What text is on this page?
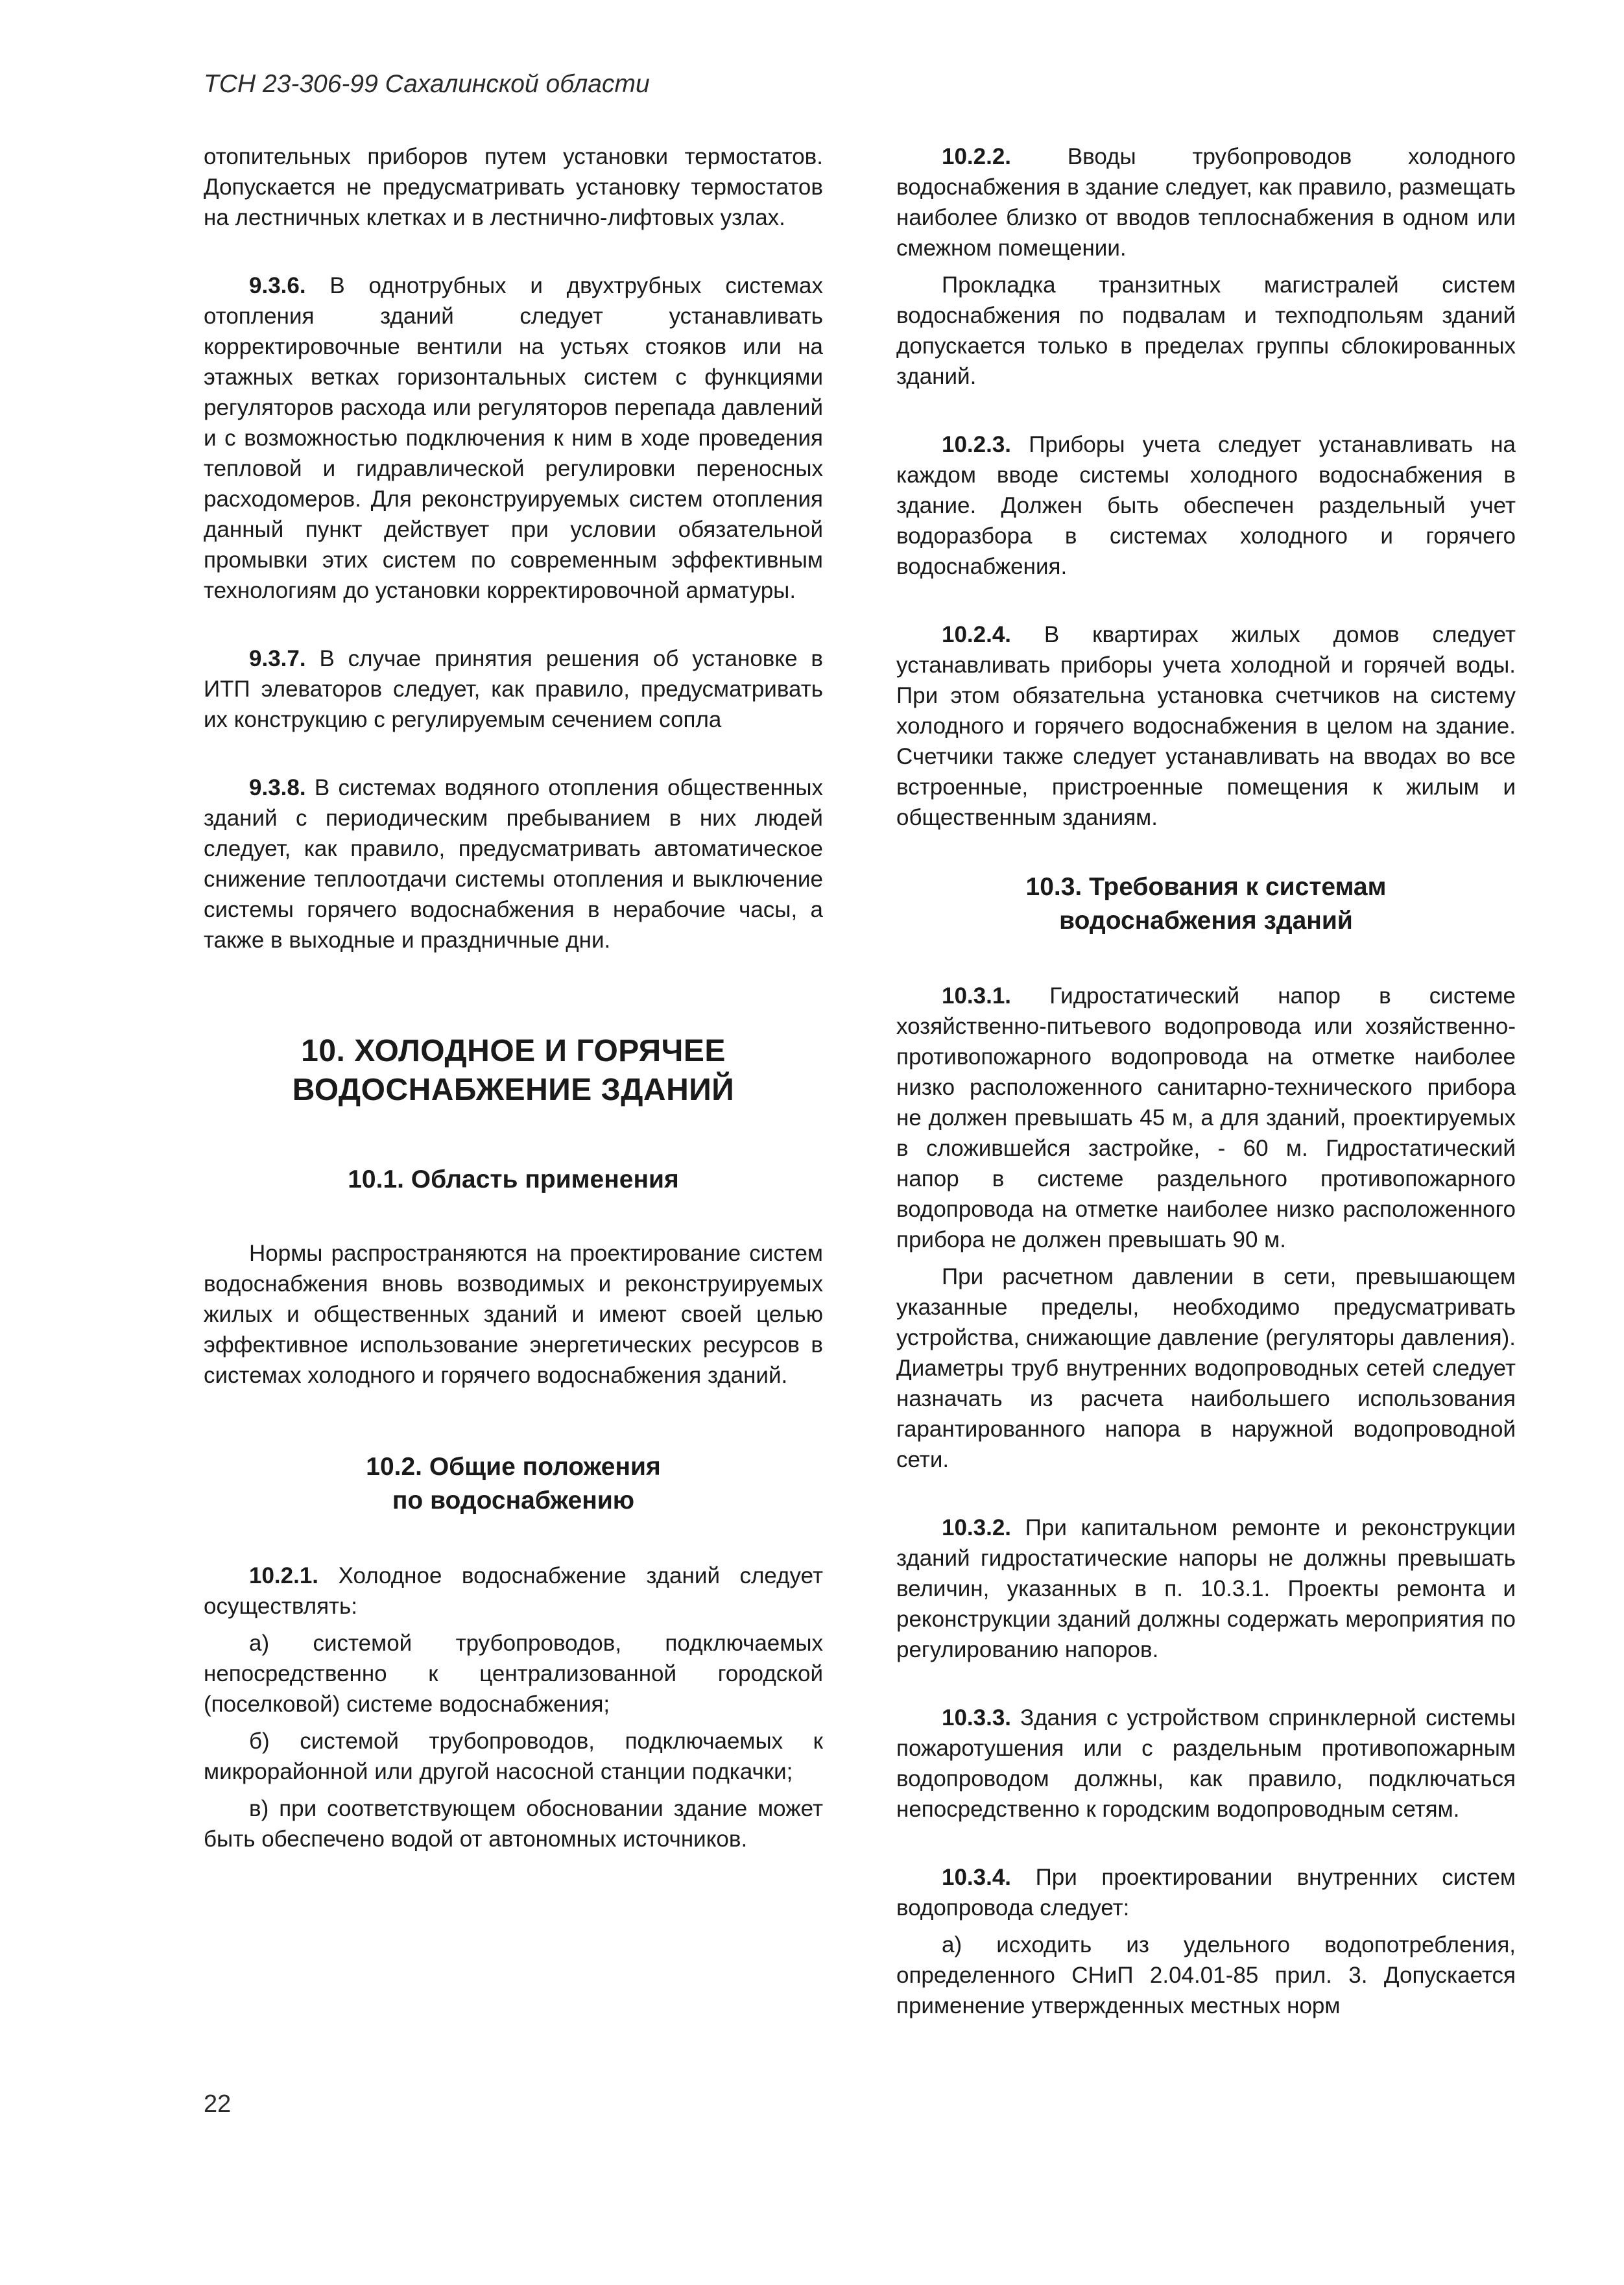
ТСН 23-306-99 Сахалинской области

отопительных приборов путем установки термостатов. Допускается не предусматривать установку термостатов на лестничных клетках и в лестнично-лифтовых узлах.

9.3.6. В однотрубных и двухтрубных системах отопления зданий следует устанавливать корректировочные вентили на устьях стояков или на этажных ветках горизонтальных систем с функциями регуляторов расхода или регуляторов перепада давлений и с возможностью подключения к ним в ходе проведения тепловой и гидравлической регулировки переносных расходомеров. Для реконструируемых систем отопления данный пункт действует при условии обязательной промывки этих систем по современным эффективным технологиям до установки корректировочной арматуры.

9.3.7. В случае принятия решения об установке в ИТП элеваторов следует, как правило, предусматривать их конструкцию с регулируемым сечением сопла

9.3.8. В системах водяного отопления общественных зданий с периодическим пребыванием в них людей следует, как правило, предусматривать автоматическое снижение теплоотдачи системы отопления и выключение системы горячего водоснабжения в нерабочие часы, а также в выходные и праздничные дни.

10. ХОЛОДНОЕ И ГОРЯЧЕЕ
ВОДОСНАБЖЕНИЕ ЗДАНИЙ
10.1. Область применения

Нормы распространяются на проектирование систем водоснабжения вновь возводимых и реконструируемых жилых и общественных зданий и имеют своей целью эффективное использование энергетических ресурсов в системах холодного и горячего водоснабжения зданий.

10.2. Общие положения
по водоснабжению

10.2.1. Холодное водоснабжение зданий следует осуществлять:

а) системой трубопроводов, подключаемых непосредственно к централизованной городской (поселковой) системе водоснабжения;

б) системой трубопроводов, подключаемых к микрорайонной или другой насосной станции подкачки;

в) при соответствующем обосновании здание может быть обеспечено водой от автономных источников.

10.2.2. Вводы трубопроводов холодного водоснабжения в здание следует, как правило, размещать наиболее близко от вводов теплоснабжения в одном или смежном помещении.

Прокладка транзитных магистралей систем водоснабжения по подвалам и техподпольям зданий допускается только в пределах группы сблокированных зданий.

10.2.3. Приборы учета следует устанавливать на каждом вводе системы холодного водоснабжения в здание. Должен быть обеспечен раздельный учет водоразбора в системах холодного и горячего водоснабжения.

10.2.4. В квартирах жилых домов следует устанавливать приборы учета холодной и горячей воды. При этом обязательна установка счетчиков на систему холодного и горячего водоснабжения в целом на здание. Счетчики также следует устанавливать на вводах во все встроенные, пристроенные помещения к жилым и общественным зданиям.

10.3. Требования к системам
водоснабжения зданий

10.3.1. Гидростатический напор в системе хозяйственно-питьевого водопровода или хозяйственно-противопожарного водопровода на отметке наиболее низко расположенного санитарно-технического прибора не должен превышать 45 м, а для зданий, проектируемых в сложившейся застройке, - 60 м. Гидростатический напор в системе раздельного противопожарного водопровода на отметке наиболее низко расположенного прибора не должен превышать 90 м.

При расчетном давлении в сети, превышающем указанные пределы, необходимо предусматривать устройства, снижающие давление (регуляторы давления). Диаметры труб внутренних водопроводных сетей следует назначать из расчета наибольшего использования гарантированного напора в наружной водопроводной сети.

10.3.2. При капитальном ремонте и реконструкции зданий гидростатические напоры не должны превышать величин, указанных в п. 10.3.1. Проекты ремонта и реконструкции зданий должны содержать мероприятия по регулированию напоров.

10.3.3. Здания с устройством спринклерной системы пожаротушения или с раздельным противопожарным водопроводом должны, как правило, подключаться непосредственно к городским водопроводным сетям.

10.3.4. При проектировании внутренних систем водопровода следует:

а) исходить из удельного водопотребления, определенного СНиП 2.04.01-85 прил. 3. Допускается применение утвержденных местных норм

22
